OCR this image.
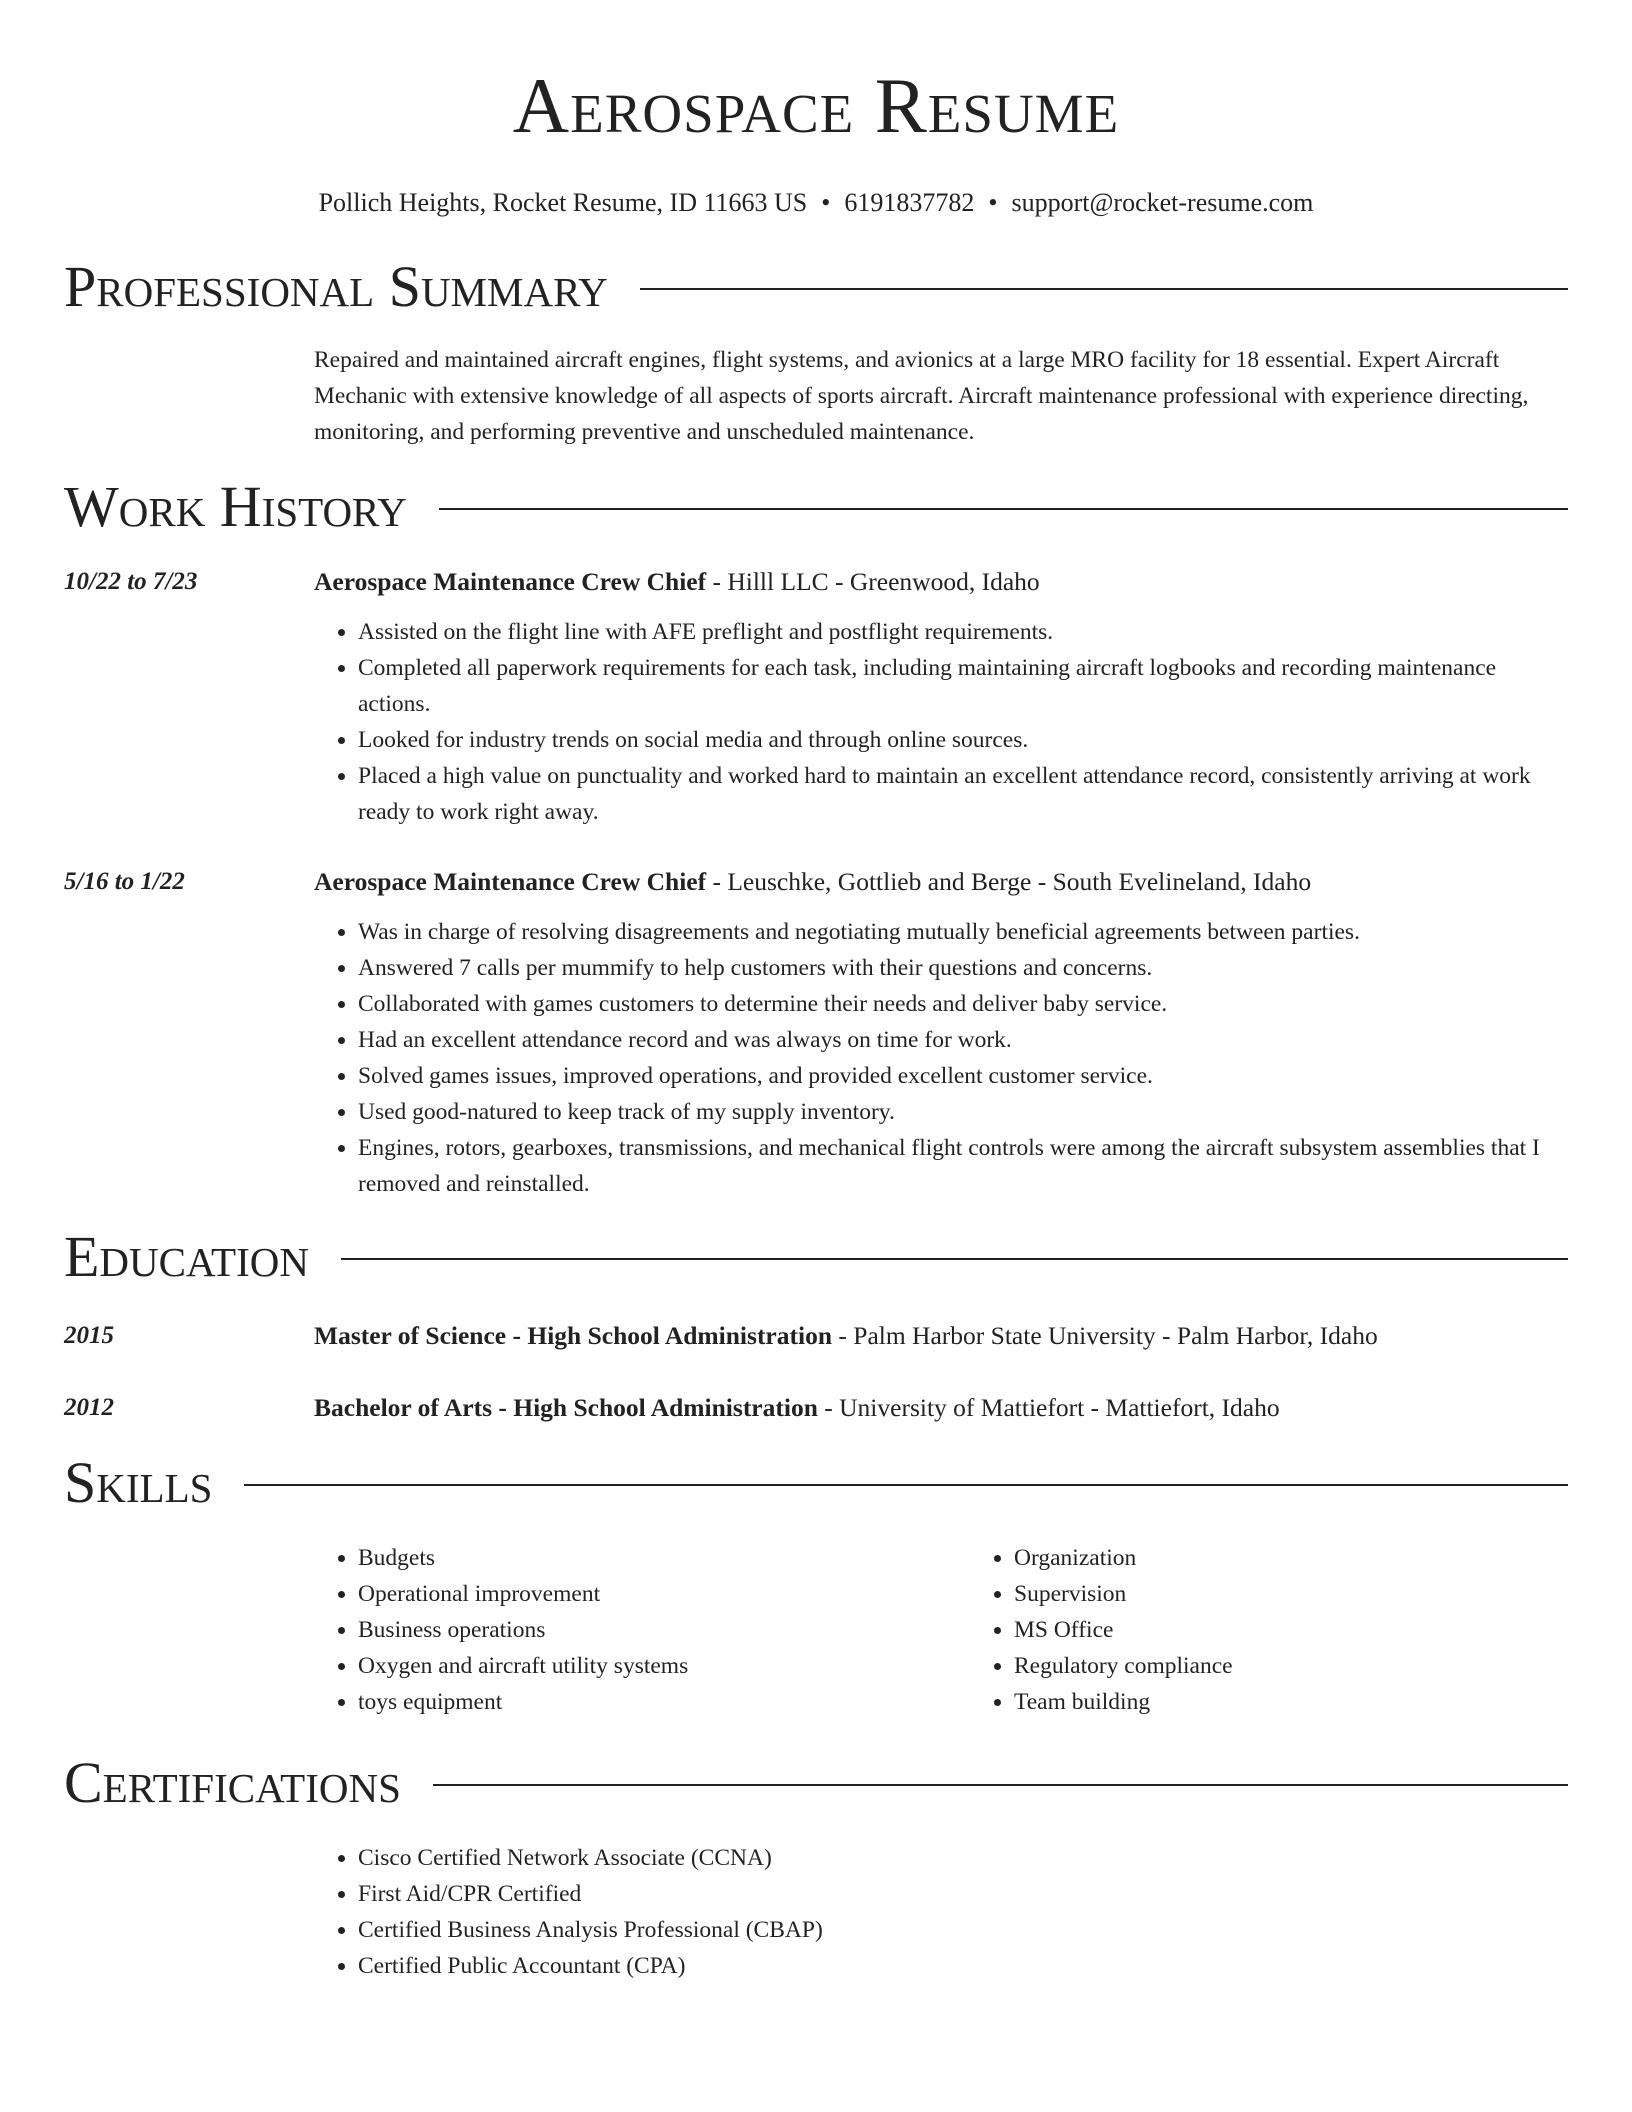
Aerospace Resume
Pollich Heights, Rocket Resume, ID 11663 US • 6191837782 • support@rocket-resume.com
Professional Summary
Repaired and maintained aircraft engines, flight systems, and avionics at a large MRO facility for 18 essential. Expert Aircraft Mechanic with extensive knowledge of all aspects of sports aircraft. Aircraft maintenance professional with experience directing, monitoring, and performing preventive and unscheduled maintenance.
Work History
10/22 to 7/23	Aerospace Maintenance Crew Chief - Hilll LLC - Greenwood, Idaho
• Assisted on the flight line with AFE preflight and postflight requirements.
• Completed all paperwork requirements for each task, including maintaining aircraft logbooks and recording maintenance actions.
• Looked for industry trends on social media and through online sources.
• Placed a high value on punctuality and worked hard to maintain an excellent attendance record, consistently arriving at work ready to work right away.
5/16 to 1/22	Aerospace Maintenance Crew Chief - Leuschke, Gottlieb and Berge - South Evelineland, Idaho
• Was in charge of resolving disagreements and negotiating mutually beneficial agreements between parties.
• Answered 7 calls per mummify to help customers with their questions and concerns.
• Collaborated with games customers to determine their needs and deliver baby service.
• Had an excellent attendance record and was always on time for work.
• Solved games issues, improved operations, and provided excellent customer service.
• Used good-natured to keep track of my supply inventory.
• Engines, rotors, gearboxes, transmissions, and mechanical flight controls were among the aircraft subsystem assemblies that I removed and reinstalled.
Education
2015	Master of Science - High School Administration - Palm Harbor State University - Palm Harbor, Idaho
2012	Bachelor of Arts - High School Administration - University of Mattiefort - Mattiefort, Idaho
Skills
• Budgets
• Operational improvement
• Business operations
• Oxygen and aircraft utility systems
• toys equipment
• Organization
• Supervision
• MS Office
• Regulatory compliance
• Team building
Certifications
• Cisco Certified Network Associate (CCNA)
• First Aid/CPR Certified
• Certified Business Analysis Professional (CBAP)
• Certified Public Accountant (CPA)
